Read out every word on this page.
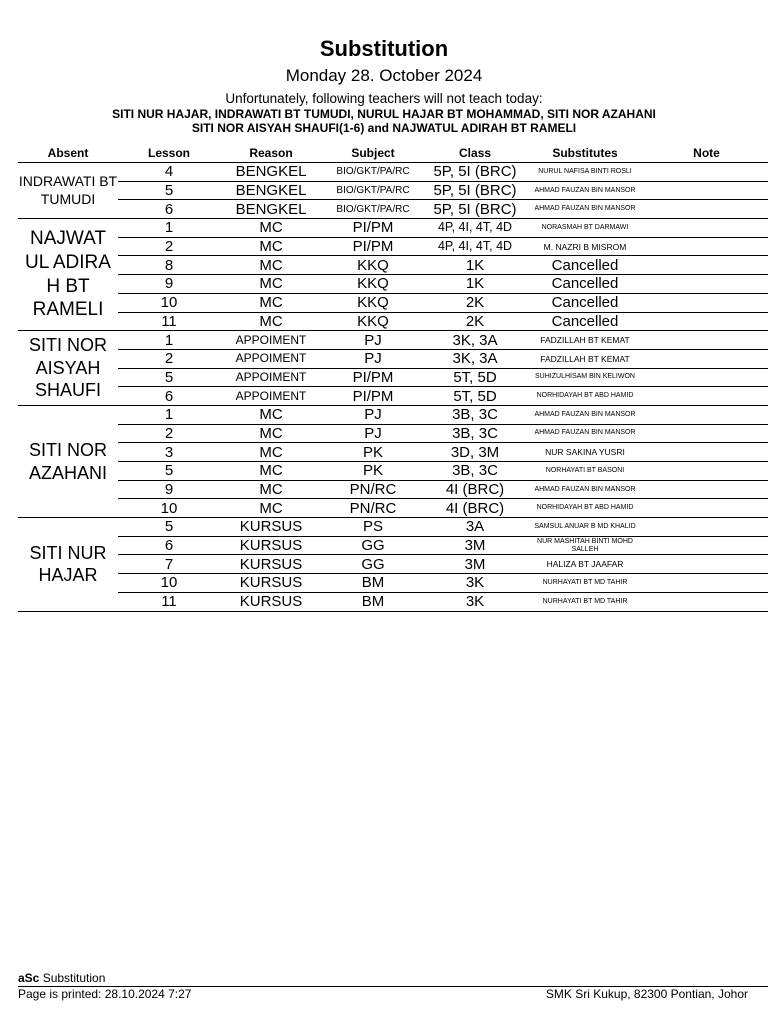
Substitution
Monday 28. October 2024
Unfortunately, following teachers will not teach today:
SITI NUR HAJAR, INDRAWATI BT TUMUDI, NURUL HAJAR BT MOHAMMAD, SITI NOR AZAHANI
SITI NOR AISYAH SHAUFI(1-6) and NAJWATUL ADIRAH BT RAMELI
Absent	Lesson	Reason	Subject	Class	Substitutes	Note
INDRAWATI BT TUMUDI	4	BENGKEL	BIO/GKT/PA/RC	5P, 5I (BRC)	NURUL NAFISA BINTI ROSLI	
	5	BENGKEL	BIO/GKT/PA/RC	5P, 5I (BRC)	AHMAD FAUZAN BIN MANSOR	
	6	BENGKEL	BIO/GKT/PA/RC	5P, 5I (BRC)	AHMAD FAUZAN BIN MANSOR	
NAJWAT UL ADIRA H BT RAMELI	1	MC	PI/PM	4P, 4I, 4T, 4D	NORASMAH BT DARMAWI	
	2	MC	PI/PM	4P, 4I, 4T, 4D	M. NAZRI B MISROM	
	8	MC	KKQ	1K	Cancelled	
	9	MC	KKQ	1K	Cancelled	
	10	MC	KKQ	2K	Cancelled	
	11	MC	KKQ	2K	Cancelled	
SITI NOR AISYAH SHAUFI	1	APPOIMENT	PJ	3K, 3A	FADZILLAH BT KEMAT	
	2	APPOIMENT	PJ	3K, 3A	FADZILLAH BT KEMAT	
	5	APPOIMENT	PI/PM	5T, 5D	SUHIZULHISAM BIN KELIWON	
	6	APPOIMENT	PI/PM	5T, 5D	NORHIDAYAH BT ABD HAMID	
SITI NOR AZAHANI	1	MC	PJ	3B, 3C	AHMAD FAUZAN BIN MANSOR	
	2	MC	PJ	3B, 3C	AHMAD FAUZAN BIN MANSOR	
	3	MC	PK	3D, 3M	NUR SAKINA YUSRI	
	5	MC	PK	3B, 3C	NORHAYATI BT BASONI	
	9	MC	PN/RC	4I (BRC)	AHMAD FAUZAN BIN MANSOR	
	10	MC	PN/RC	4I (BRC)	NORHIDAYAH BT ABD HAMID	
SITI NUR HAJAR	5	KURSUS	PS	3A	SAMSUL ANUAR B MD KHALID	
	6	KURSUS	GG	3M	NUR MASHITAH BINTI MOHD SALLEH	
	7	KURSUS	GG	3M	HALIZA BT JAAFAR	
	10	KURSUS	BM	3K	NURHAYATI BT MD TAHIR	
	11	KURSUS	BM	3K	NURHAYATI BT MD TAHIR	
aSc Substitution
Page is printed: 28.10.2024 7:27	SMK Sri Kukup, 82300 Pontian, Johor
